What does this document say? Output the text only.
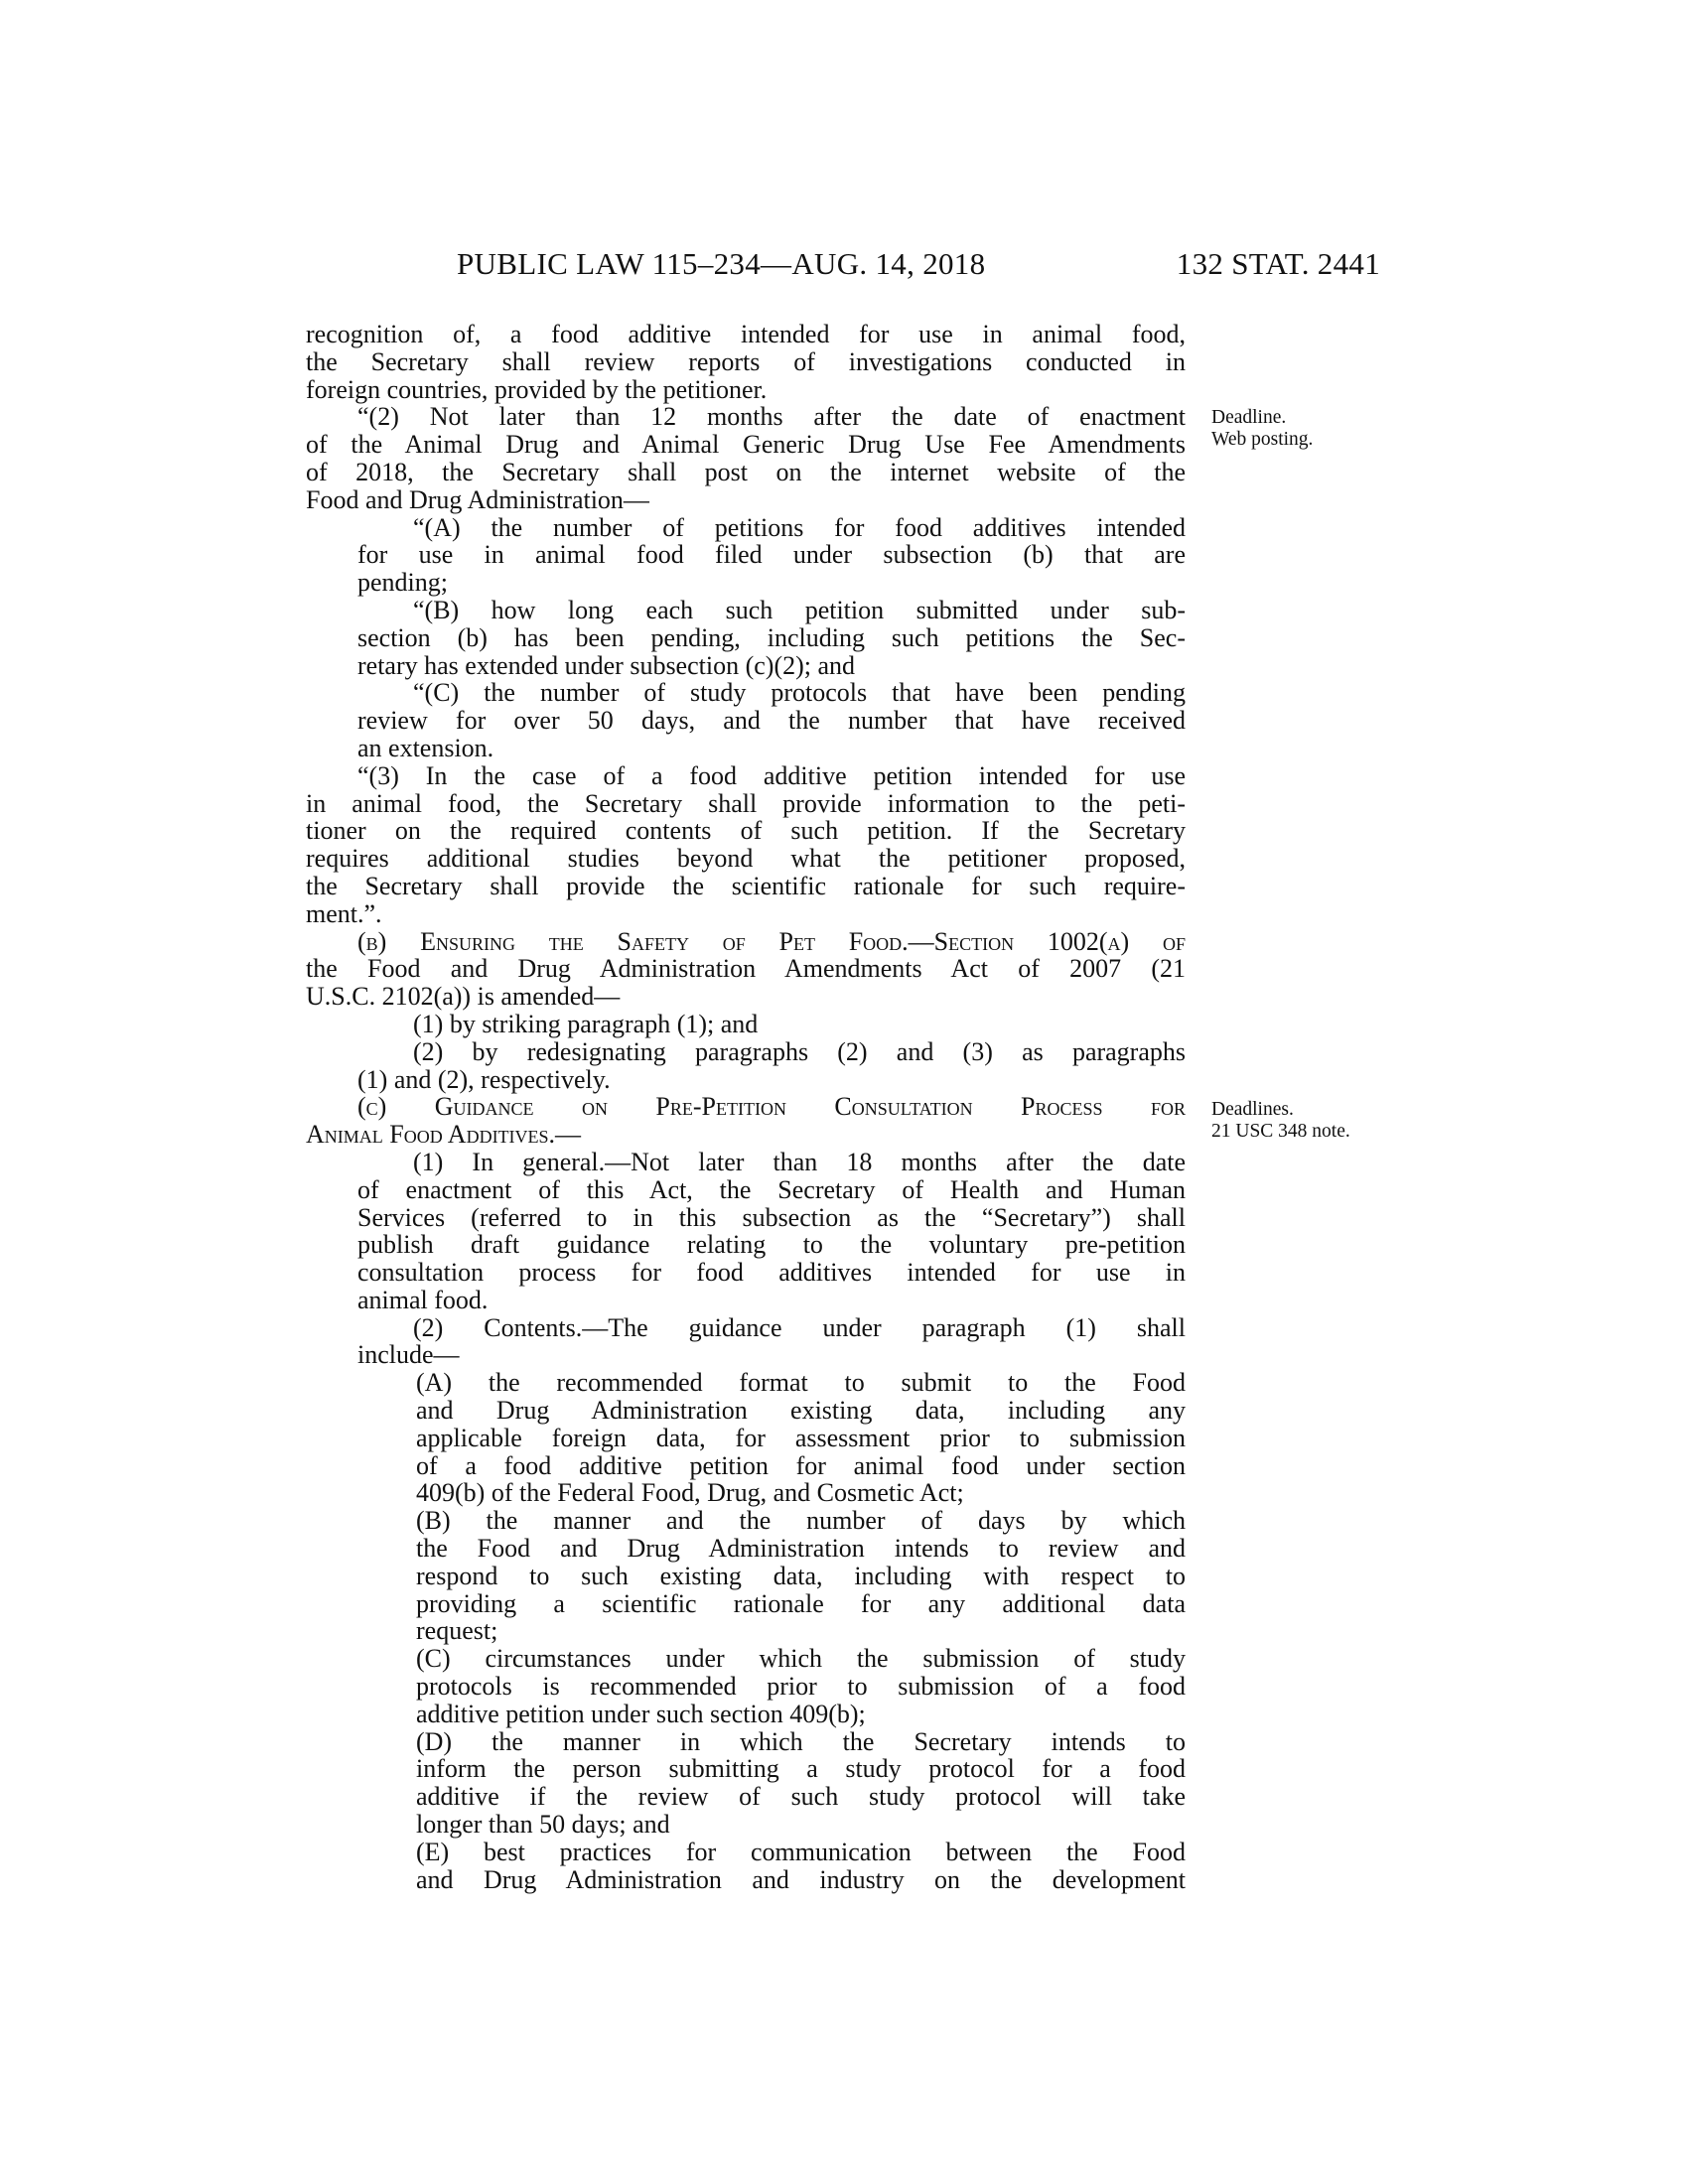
PUBLIC LAW 115–234—AUG. 14, 2018	132 STAT. 2441
Deadline.
Web posting.
Deadlines.
21 USC 348 note.
recognition of, a food additive intended for use in animal food,
the Secretary shall review reports of investigations conducted in
foreign countries, provided by the petitioner.
“(2) Not later than 12 months after the date of enactment
of the Animal Drug and Animal Generic Drug Use Fee Amendments
of 2018, the Secretary shall post on the internet website of the
Food and Drug Administration—
“(A) the number of petitions for food additives intended
for use in animal food filed under subsection (b) that are
pending;
“(B) how long each such petition submitted under sub-
section (b) has been pending, including such petitions the Sec-
retary has extended under subsection (c)(2); and
“(C) the number of study protocols that have been pending
review for over 50 days, and the number that have received
an extension.
“(3) In the case of a food additive petition intended for use
in animal food, the Secretary shall provide information to the peti-
tioner on the required contents of such petition. If the Secretary
requires additional studies beyond what the petitioner proposed,
the Secretary shall provide the scientific rationale for such require-
ment.”.
(b) Ensuring the Safety of Pet Food.—Section 1002(a) of
the Food and Drug Administration Amendments Act of 2007 (21
U.S.C. 2102(a)) is amended—
(1) by striking paragraph (1); and
(2) by redesignating paragraphs (2) and (3) as paragraphs
(1) and (2), respectively.
(c) Guidance on Pre-Petition Consultation Process for
Animal Food Additives.—
(1) In general.—Not later than 18 months after the date
of enactment of this Act, the Secretary of Health and Human
Services (referred to in this subsection as the “Secretary”) shall
publish draft guidance relating to the voluntary pre-petition
consultation process for food additives intended for use in
animal food.
(2) Contents.—The guidance under paragraph (1) shall
include—
(A) the recommended format to submit to the Food
and Drug Administration existing data, including any
applicable foreign data, for assessment prior to submission
of a food additive petition for animal food under section
409(b) of the Federal Food, Drug, and Cosmetic Act;
(B) the manner and the number of days by which
the Food and Drug Administration intends to review and
respond to such existing data, including with respect to
providing a scientific rationale for any additional data
request;
(C) circumstances under which the submission of study
protocols is recommended prior to submission of a food
additive petition under such section 409(b);
(D) the manner in which the Secretary intends to
inform the person submitting a study protocol for a food
additive if the review of such study protocol will take
longer than 50 days; and
(E) best practices for communication between the Food
and Drug Administration and industry on the development
